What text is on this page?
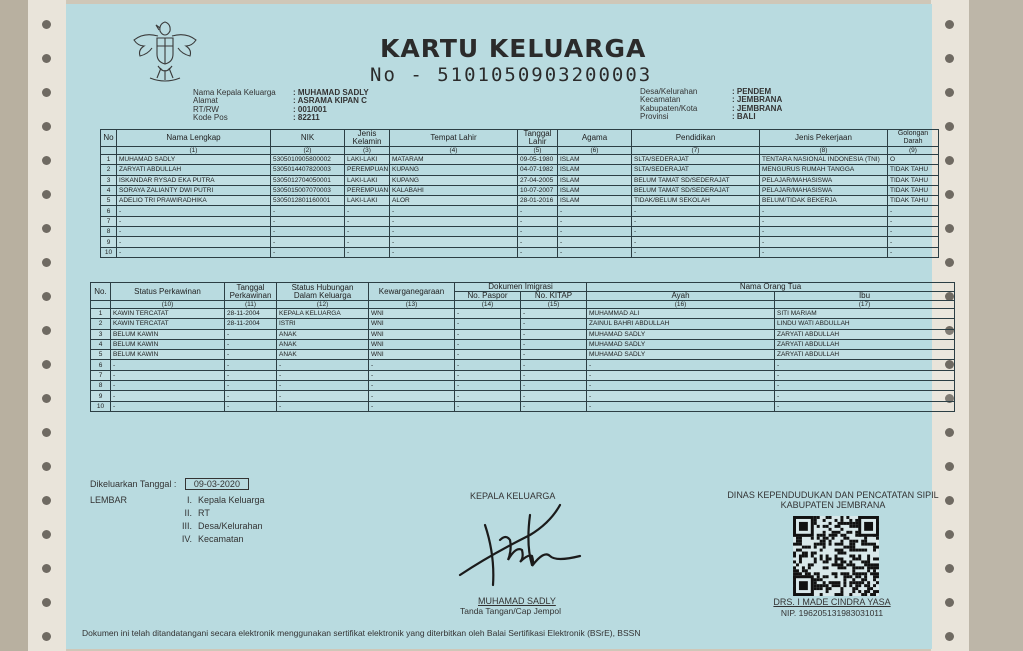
KARTU KELUARGA
No - 5101050903200003
Nama Kepala Keluarga	: MUHAMAD SADLY
Alamat	: ASRAMA KIPAN C
RT/RW	: 001/001
Kode Pos	: 82211
Desa/Kelurahan	: PENDEM
Kecamatan	: JEMBRANA
Kabupaten/Kota	: JEMBRANA
Provinsi	: BALI
No	Nama Lengkap	NIK	Jenis Kelamin	Tempat Lahir	Tanggal Lahir	Agama	Pendidikan	Jenis Pekerjaan	Golongan Darah
	(1)	(2)	(3)	(4)	(5)	(6)	(7)	(8)	(9)
1	MUHAMAD SADLY	5305010905800002	LAKI-LAKI	MATARAM	09-05-1980	ISLAM	SLTA/SEDERAJAT	TENTARA NASIONAL INDONESIA (TNI)	O
2	ZARYATI ABDULLAH	5305014407820003	PEREMPUAN	KUPANG	04-07-1982	ISLAM	SLTA/SEDERAJAT	MENGURUS RUMAH TANGGA	TIDAK TAHU
3	ISKANDAR RYSAD EKA PUTRA	5305012704050001	LAKI-LAKI	KUPANG	27-04-2005	ISLAM	BELUM TAMAT SD/SEDERAJAT	PELAJAR/MAHASISWA	TIDAK TAHU
4	SORAYA ZALIANTY DWI PUTRI	5305015007070003	PEREMPUAN	KALABAHI	10-07-2007	ISLAM	BELUM TAMAT SD/SEDERAJAT	PELAJAR/MAHASISWA	TIDAK TAHU
5	ADELIO TRI PRAWIRADHIKA	5305012801160001	LAKI-LAKI	ALOR	28-01-2016	ISLAM	TIDAK/BELUM SEKOLAH	BELUM/TIDAK BEKERJA	TIDAK TAHU
6	-	-	-	-	-	-	-	-	-
7	-	-	-	-	-	-	-	-	-
8	-	-	-	-	-	-	-	-	-
9	-	-	-	-	-	-	-	-	-
10	-	-	-	-	-	-	-	-	-
No.	Status Perkawinan	Tanggal Perkawinan	Status Hubungan Dalam Keluarga	Kewarganegaraan	Dokumen Imigrasi		Nama Orang Tua	
					No. Paspor	No. KITAP	Ayah	Ibu
	(10)	(11)	(12)	(13)	(14)	(15)	(16)	(17)
1	KAWIN TERCATAT	28-11-2004	KEPALA KELUARGA	WNI	-	-	MUHAMMAD ALI	SITI MARIAM
2	KAWIN TERCATAT	28-11-2004	ISTRI	WNI	-	-	ZAINUL BAHRI ABDULLAH	LINDU WATI ABDULLAH
3	BELUM KAWIN	-	ANAK	WNI	-	-	MUHAMAD SADLY	ZARYATI ABDULLAH
4	BELUM KAWIN	-	ANAK	WNI	-	-	MUHAMAD SADLY	ZARYATI ABDULLAH
5	BELUM KAWIN	-	ANAK	WNI	-	-	MUHAMAD SADLY	ZARYATI ABDULLAH
6	-	-	-	-	-	-	-	-
7	-	-	-	-	-	-	-	-
8	-	-	-	-	-	-	-	-
9	-	-	-	-	-	-	-	-
10	-	-	-	-	-	-	-	-
Dikeluarkan Tanggal : 09-03-2020
LEMBAR	I. Kepala Keluarga
II. RT
III. Desa/Kelurahan
IV. Kecamatan
KEPALA KELUARGA
MUHAMAD SADLY
Tanda Tangan/Cap Jempol
DINAS KEPENDUDUKAN DAN PENCATATAN SIPIL
KABUPATEN JEMBRANA
DRS. I MADE CINDRA YASA
NIP. 196205131983031011
Dokumen ini telah ditandatangani secara elektronik menggunakan sertifikat elektronik yang diterbitkan oleh Balai Sertifikasi Elektronik (BSrE), BSSN
